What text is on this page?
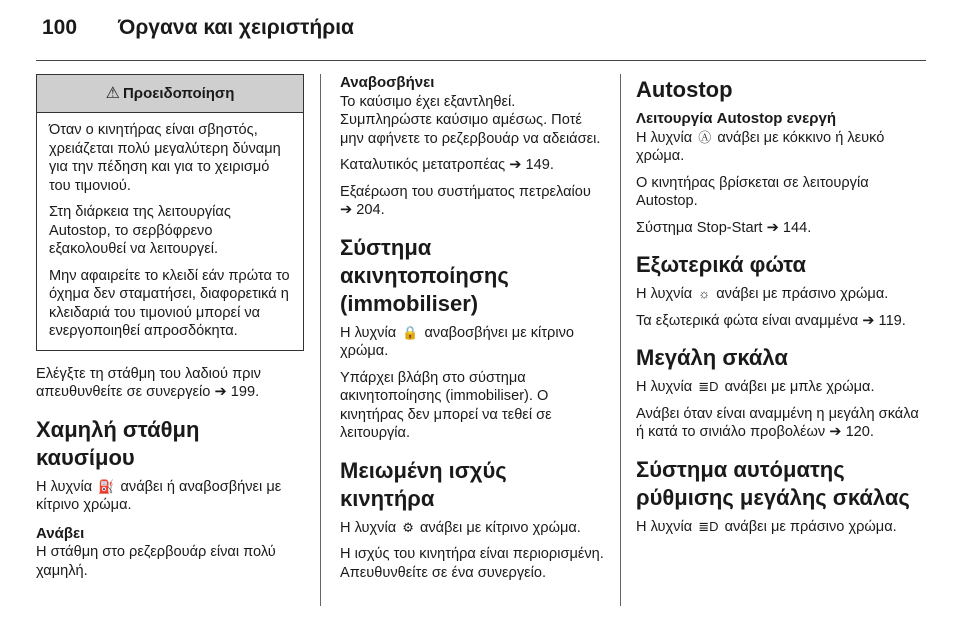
100 Όργανα και χειριστήρια
⚠ Προειδοποίηση

Όταν ο κινητήρας είναι σβηστός, χρειάζεται πολύ μεγαλύτερη δύναμη για την πέδηση και για το χειρισμό του τιμονιού.

Στη διάρκεια της λειτουργίας Autostop, το σερβόφρενο εξακολουθεί να λειτουργεί.

Μην αφαιρείτε το κλειδί εάν πρώτα το όχημα δεν σταματήσει, διαφορετικά η κλειδαριά του τιμονιού μπορεί να ενεργοποιηθεί απροσδόκητα.

Ελέγξτε τη στάθμη του λαδιού πριν απευθυνθείτε σε συνεργείο ➔ 199.

Χαμηλή στάθμη καυσίμου

Η λυχνία ⛽ ανάβει ή αναβοσβήνει με κίτρινο χρώμα.

Ανάβει

Η στάθμη στο ρεζερβουάρ είναι πολύ χαμηλή.

Αναβοσβήνει

Το καύσιμο έχει εξαντληθεί. Συμπληρώστε καύσιμο αμέσως. Ποτέ μην αφήνετε το ρεζερβουάρ να αδειάσει.

Καταλυτικός μετατροπέας ➔ 149.

Εξαέρωση του συστήματος πετρελαίου ➔ 204.

Σύστημα ακινητοποίησης (immobiliser)

Η λυχνία 🔒 αναβοσβήνει με κίτρινο χρώμα.

Υπάρχει βλάβη στο σύστημα ακινητοποίησης (immobiliser). Ο κινητήρας δεν μπορεί να τεθεί σε λειτουργία.

Μειωμένη ισχύς κινητήρα

Η λυχνία ⚙ ανάβει με κίτρινο χρώμα.

Η ισχύς του κινητήρα είναι περιορισμένη. Απευθυνθείτε σε ένα συνεργείο.

Autostop
Λειτουργία Autostop ενεργή

Η λυχνία Ⓐ ανάβει με κόκκινο ή λευκό χρώμα.

Ο κινητήρας βρίσκεται σε λειτουργία Autostop.

Σύστημα Stop-Start ➔ 144.

Εξωτερικά φώτα

Η λυχνία ☼ ανάβει με πράσινο χρώμα.

Τα εξωτερικά φώτα είναι αναμμένα ➔ 119.

Μεγάλη σκάλα

Η λυχνία ≣D ανάβει με μπλε χρώμα.

Ανάβει όταν είναι αναμμένη η μεγάλη σκάλα ή κατά το σινιάλο προβολέων ➔ 120.

Σύστημα αυτόματης ρύθμισης μεγάλης σκάλας

Η λυχνία ≣D ανάβει με πράσινο χρώμα.
